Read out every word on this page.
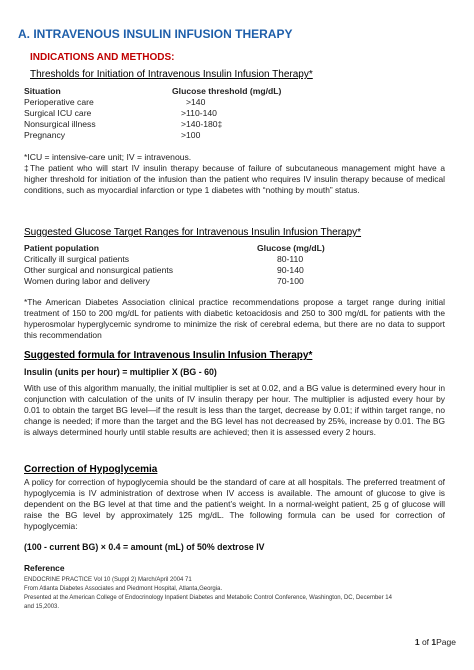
A. INTRAVENOUS INSULIN INFUSION THERAPY
INDICATIONS AND METHODS:
Thresholds for Initiation of Intravenous Insulin Infusion Therapy*
Situation	Glucose threshold (mg/dL)
Perioperative care	>140
Surgical ICU care	>110-140
Nonsurgical illness	>140-180‡
Pregnancy	>100
*ICU = intensive-care unit; IV = intravenous.
‡The patient who will start IV insulin therapy because of failure of subcutaneous management might have a higher threshold for initiation of the infusion than the patient who requires IV insulin therapy because of medical conditions, such as myocardial infarction or type 1 diabetes with “nothing by mouth” status.
Suggested Glucose Target Ranges for Intravenous Insulin Infusion Therapy*
Patient population	Glucose (mg/dL)
Critically ill surgical patients	80-110
Other surgical and nonsurgical patients	90-140
Women during labor and delivery	70-100
*The American Diabetes Association clinical practice recommendations propose a target range during initial treatment of 150 to 200 mg/dL for patients with diabetic ketoacidosis and 250 to 300 mg/dL for patients with the hyperosmolar hyperglycemic syndrome to minimize the risk of cerebral edema, but there are no data to support this recommendation
Suggested formula for Intravenous Insulin Infusion Therapy*
Insulin (units per hour) = multiplier X (BG - 60)
With use of this algorithm manually, the initial multiplier is set at 0.02, and a BG value is determined every hour in conjunction with calculation of the units of IV insulin therapy per hour. The multiplier is adjusted every hour by 0.01 to obtain the target BG level—if the result is less than the target, decrease by 0.01; if within target range, no change is needed; if more than the target and the BG level has not decreased by 25%, increase by 0.01. The BG is always determined hourly until stable results are achieved; then it is assessed every 2 hours.
Correction of Hypoglycemia
A policy for correction of hypoglycemia should be the standard of care at all hospitals. The preferred treatment of hypoglycemia is IV administration of dextrose when IV access is available. The amount of glucose to give is dependent on the BG level at that time and the patient’s weight. In a normal-weight patient, 25 g of glucose will raise the BG level by approximately 125 mg/dL. The following formula can be used for correction of hypoglycemia:
(100 - current BG) × 0.4 = amount (mL) of 50% dextrose IV
Reference
ENDOCRINE PRACTICE Vol 10 (Suppl 2) March/April 2004 71
From Atlanta Diabetes Associates and Piedmont Hospital, Atlanta,Georgia.
Presented at the American College of Endocrinology Inpatient Diabetes and Metabolic Control Conference, Washington, DC, December 14
and 15,2003.
1 of 1Page
